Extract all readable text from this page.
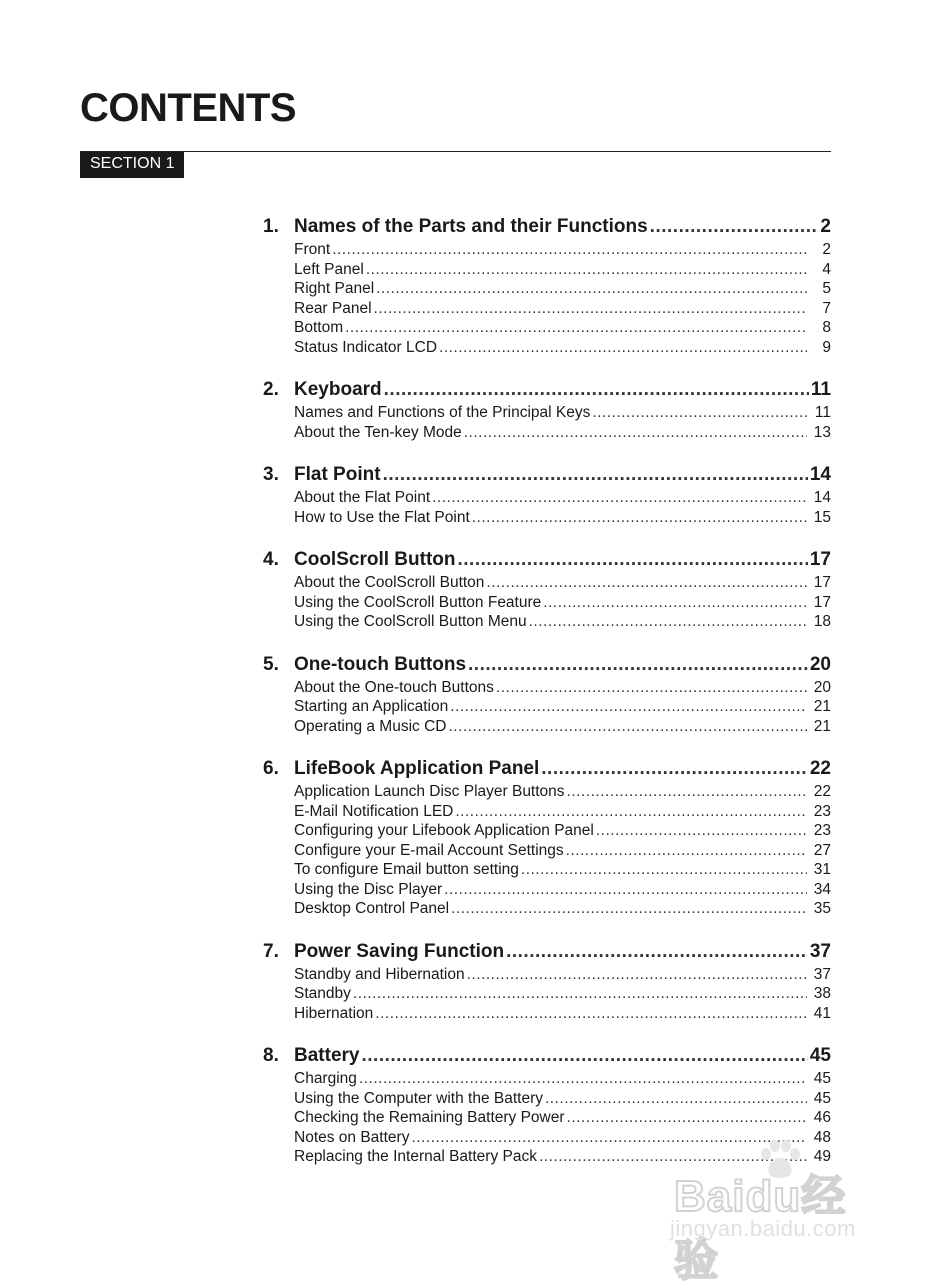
CONTENTS
SECTION 1
1. Names of the Parts and their Functions .....	2
Front .....	2
Left Panel .....	4
Right Panel .....	5
Rear Panel .....	7
Bottom .....	8
Status Indicator LCD .....	9
2. Keyboard .....	11
Names and Functions of the Principal Keys .....	11
About the Ten-key Mode .....	13
3. Flat Point .....	14
About the Flat Point .....	14
How to Use the Flat Point .....	15
4. CoolScroll Button .....	17
About the CoolScroll Button .....	17
Using the CoolScroll Button Feature .....	17
Using the CoolScroll Button Menu .....	18
5. One-touch Buttons .....	20
About the One-touch Buttons .....	20
Starting an Application .....	21
Operating a Music CD .....	21
6. LifeBook Application Panel .....	22
Application Launch Disc Player Buttons .....	22
E-Mail Notification LED .....	23
Configuring your Lifebook Application Panel .....	23
Configure your E-mail Account Settings .....	27
To configure Email button setting .....	31
Using the Disc Player .....	34
Desktop Control Panel .....	35
7. Power Saving Function .....	37
Standby and Hibernation .....	37
Standby .....	38
Hibernation .....	41
8. Battery .....	45
Charging .....	45
Using the Computer with the Battery .....	45
Checking the Remaining Battery Power .....	46
Notes on Battery .....	48
Replacing the Internal Battery Pack .....	49
Baidu经验
jingyan.baidu.com
